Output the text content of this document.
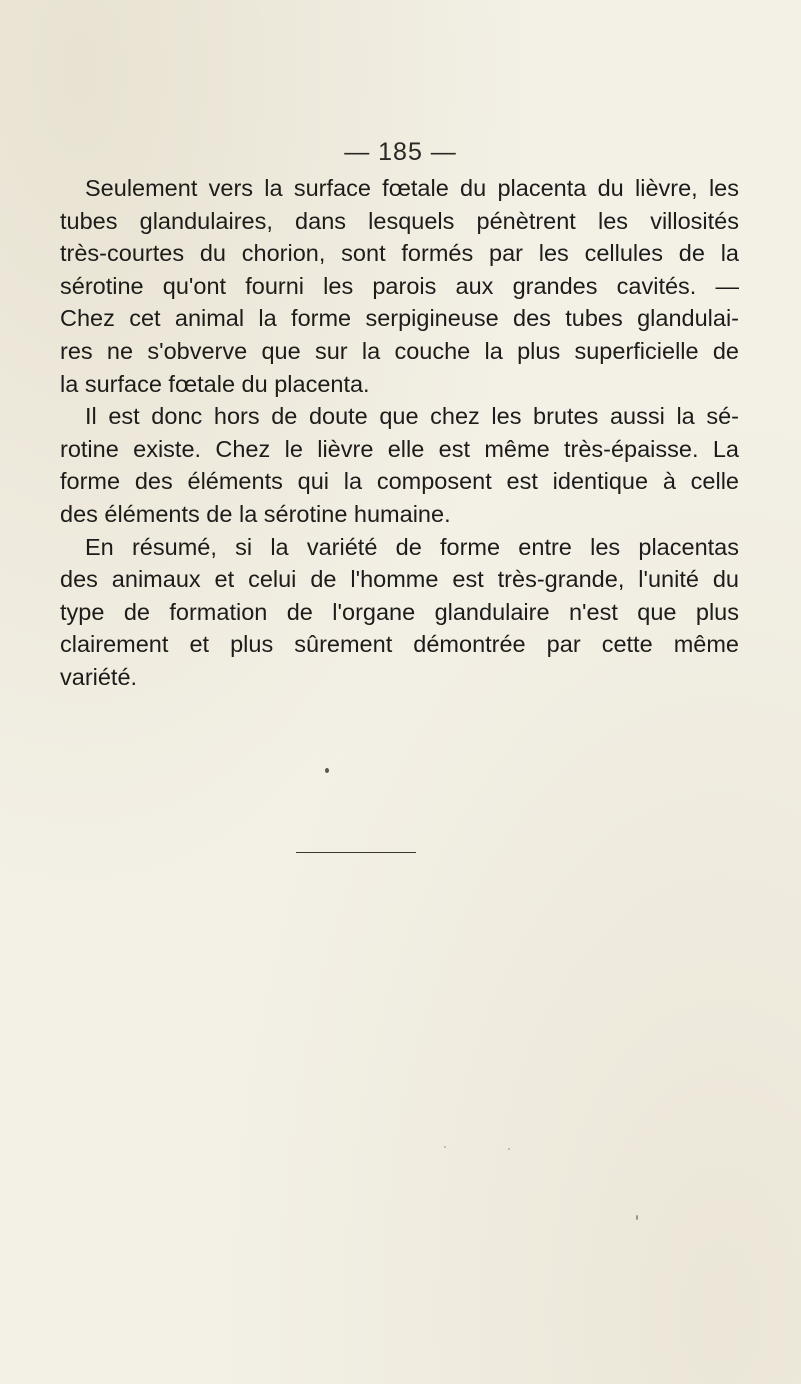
— 185 —
Seulement vers la surface fœtale du placenta du lièvre, les
tubes glandulaires, dans lesquels pénètrent les villosités
très-courtes du chorion, sont formés par les cellules de la
sérotine qu'ont fourni les parois aux grandes cavités. —
Chez cet animal la forme serpigineuse des tubes glandulai-
res ne s'obverve que sur la couche la plus superficielle de
la surface fœtale du placenta.
Il est donc hors de doute que chez les brutes aussi la sé-
rotine existe. Chez le lièvre elle est même très-épaisse. La
forme des éléments qui la composent est identique à celle
des éléments de la sérotine humaine.
En résumé, si la variété de forme entre les placentas
des animaux et celui de l'homme est très-grande, l'unité du
type de formation de l'organe glandulaire n'est que plus
clairement et plus sûrement démontrée par cette même
variété.
